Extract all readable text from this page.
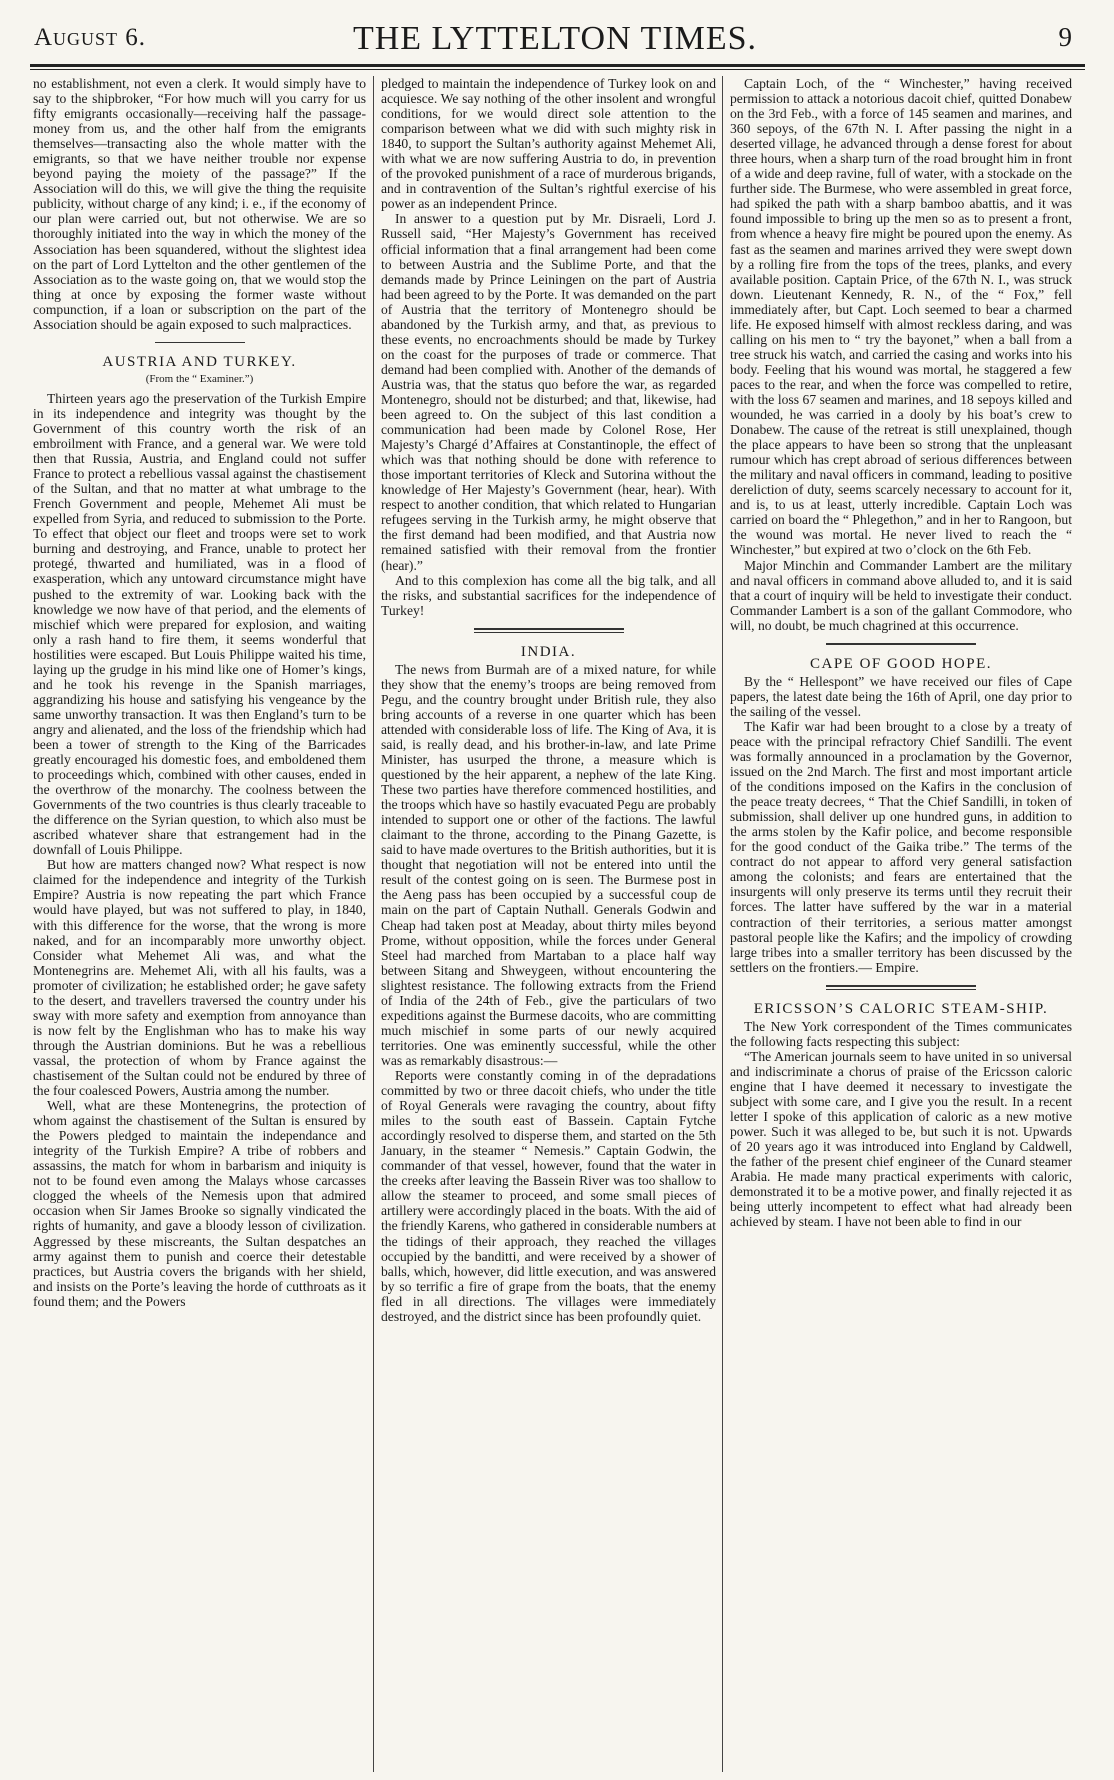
August 6.	THE LYTTELTON TIMES.	9

no establishment, not even a clerk. It would simply have to say to the shipbroker, “For how much will you carry for us fifty emigrants occasionally—receiving half the passage-money from us, and the other half from the emigrants themselves—transacting also the whole matter with the emigrants, so that we have neither trouble nor expense beyond paying the moiety of the passage?” If the Association will do this, we will give the thing the requisite publicity, without charge of any kind; i. e., if the economy of our plan were carried out, but not otherwise. We are so thoroughly initiated into the way in which the money of the Association has been squandered, without the slightest idea on the part of Lord Lyttelton and the other gentlemen of the Association as to the waste going on, that we would stop the thing at once by exposing the former waste without compunction, if a loan or subscription on the part of the Association should be again exposed to such malpractices.

AUSTRIA AND TURKEY.
(From the “ Examiner.”)

Thirteen years ago the preservation of the Turkish Empire in its independence and integrity was thought by the Government of this country worth the risk of an embroilment with France, and a general war. We were told then that Russia, Austria, and England could not suffer France to protect a rebellious vassal against the chastisement of the Sultan, and that no matter at what umbrage to the French Government and people, Mehemet Ali must be expelled from Syria, and reduced to submission to the Porte. To effect that object our fleet and troops were set to work burning and destroying, and France, unable to protect her protegé, thwarted and humiliated, was in a flood of exasperation, which any untoward circumstance might have pushed to the extremity of war. Looking back with the knowledge we now have of that period, and the elements of mischief which were prepared for explosion, and waiting only a rash hand to fire them, it seems wonderful that hostilities were escaped. But Louis Philippe waited his time, laying up the grudge in his mind like one of Homer’s kings, and he took his revenge in the Spanish marriages, aggrandizing his house and satisfying his vengeance by the same unworthy transaction. It was then England’s turn to be angry and alienated, and the loss of the friendship which had been a tower of strength to the King of the Barricades greatly encouraged his domestic foes, and emboldened them to proceedings which, combined with other causes, ended in the overthrow of the monarchy. The coolness between the Governments of the two countries is thus clearly traceable to the difference on the Syrian question, to which also must be ascribed whatever share that estrangement had in the downfall of Louis Philippe.

But how are matters changed now? What respect is now claimed for the independence and integrity of the Turkish Empire? Austria is now repeating the part which France would have played, but was not suffered to play, in 1840, with this difference for the worse, that the wrong is more naked, and for an incomparably more unworthy object. Consider what Mehemet Ali was, and what the Montenegrins are. Mehemet Ali, with all his faults, was a promoter of civilization; he established order; he gave safety to the desert, and travellers traversed the country under his sway with more safety and exemption from annoyance than is now felt by the Englishman who has to make his way through the Austrian dominions. But he was a rebellious vassal, the protection of whom by France against the chastisement of the Sultan could not be endured by three of the four coalesced Powers, Austria among the number.

Well, what are these Montenegrins, the protection of whom against the chastisement of the Sultan is ensured by the Powers pledged to maintain the independance and integrity of the Turkish Empire? A tribe of robbers and assassins, the match for whom in barbarism and iniquity is not to be found even among the Malays whose carcasses clogged the wheels of the Nemesis upon that admired occasion when Sir James Brooke so signally vindicated the rights of humanity, and gave a bloody lesson of civilization. Aggressed by these miscreants, the Sultan despatches an army against them to punish and coerce their detestable practices, but Austria covers the brigands with her shield, and insists on the Porte’s leaving the horde of cutthroats as it found them; and the Powers

pledged to maintain the independence of Turkey look on and acquiesce. We say nothing of the other insolent and wrongful conditions, for we would direct sole attention to the comparison between what we did with such mighty risk in 1840, to support the Sultan’s authority against Mehemet Ali, with what we are now suffering Austria to do, in prevention of the provoked punishment of a race of murderous brigands, and in contravention of the Sultan’s rightful exercise of his power as an independent Prince.

In answer to a question put by Mr. Disraeli, Lord J. Russell said, “Her Majesty’s Government has received official information that a final arrangement had been come to between Austria and the Sublime Porte, and that the demands made by Prince Leiningen on the part of Austria had been agreed to by the Porte. It was demanded on the part of Austria that the territory of Montenegro should be abandoned by the Turkish army, and that, as previous to these events, no encroachments should be made by Turkey on the coast for the purposes of trade or commerce. That demand had been complied with. Another of the demands of Austria was, that the status quo before the war, as regarded Montenegro, should not be disturbed; and that, likewise, had been agreed to. On the subject of this last condition a communication had been made by Colonel Rose, Her Majesty’s Chargé d’Affaires at Constantinople, the effect of which was that nothing should be done with reference to those important territories of Kleck and Sutorina without the knowledge of Her Majesty’s Government (hear, hear). With respect to another condition, that which related to Hungarian refugees serving in the Turkish army, he might observe that the first demand had been modified, and that Austria now remained satisfied with their removal from the frontier (hear).”

And to this complexion has come all the big talk, and all the risks, and substantial sacrifices for the independence of Turkey!

INDIA.

The news from Burmah are of a mixed nature, for while they show that the enemy’s troops are being removed from Pegu, and the country brought under British rule, they also bring accounts of a reverse in one quarter which has been attended with considerable loss of life. The King of Ava, it is said, is really dead, and his brother-in-law, and late Prime Minister, has usurped the throne, a measure which is questioned by the heir apparent, a nephew of the late King. These two parties have therefore commenced hostilities, and the troops which have so hastily evacuated Pegu are probably intended to support one or other of the factions. The lawful claimant to the throne, according to the Pinang Gazette, is said to have made overtures to the British authorities, but it is thought that negotiation will not be entered into until the result of the contest going on is seen. The Burmese post in the Aeng pass has been occupied by a successful coup de main on the part of Captain Nuthall. Generals Godwin and Cheap had taken post at Meaday, about thirty miles beyond Prome, without opposition, while the forces under General Steel had marched from Martaban to a place half way between Sitang and Shweygeen, without encountering the slightest resistance. The following extracts from the Friend of India of the 24th of Feb., give the particulars of two expeditions against the Burmese dacoits, who are committing much mischief in some parts of our newly acquired territories. One was eminently successful, while the other was as remarkably disastrous:—

Reports were constantly coming in of the depradations committed by two or three dacoit chiefs, who under the title of Royal Generals were ravaging the country, about fifty miles to the south east of Bassein. Captain Fytche accordingly resolved to disperse them, and started on the 5th January, in the steamer “ Nemesis.” Captain Godwin, the commander of that vessel, however, found that the water in the creeks after leaving the Bassein River was too shallow to allow the steamer to proceed, and some small pieces of artillery were accordingly placed in the boats. With the aid of the friendly Karens, who gathered in considerable numbers at the tidings of their approach, they reached the villages occupied by the banditti, and were received by a shower of balls, which, however, did little execution, and was answered by so terrific a fire of grape from the boats, that the enemy fled in all directions. The villages were immediately destroyed, and the district since has been profoundly quiet.

Captain Loch, of the “ Winchester,” having received permission to attack a notorious dacoit chief, quitted Donabew on the 3rd Feb., with a force of 145 seamen and marines, and 360 sepoys, of the 67th N. I. After passing the night in a deserted village, he advanced through a dense forest for about three hours, when a sharp turn of the road brought him in front of a wide and deep ravine, full of water, with a stockade on the further side. The Burmese, who were assembled in great force, had spiked the path with a sharp bamboo abattis, and it was found impossible to bring up the men so as to present a front, from whence a heavy fire might be poured upon the enemy. As fast as the seamen and marines arrived they were swept down by a rolling fire from the tops of the trees, planks, and every available position. Captain Price, of the 67th N. I., was struck down. Lieutenant Kennedy, R. N., of the “ Fox,” fell immediately after, but Capt. Loch seemed to bear a charmed life. He exposed himself with almost reckless daring, and was calling on his men to “ try the bayonet,” when a ball from a tree struck his watch, and carried the casing and works into his body. Feeling that his wound was mortal, he staggered a few paces to the rear, and when the force was compelled to retire, with the loss 67 seamen and marines, and 18 sepoys killed and wounded, he was carried in a dooly by his boat’s crew to Donabew. The cause of the retreat is still unexplained, though the place appears to have been so strong that the unpleasant rumour which has crept abroad of serious differences between the military and naval officers in command, leading to positive dereliction of duty, seems scarcely necessary to account for it, and is, to us at least, utterly incredible. Captain Loch was carried on board the “ Phlegethon,” and in her to Rangoon, but the wound was mortal. He never lived to reach the “ Winchester,” but expired at two o’clock on the 6th Feb.

Major Minchin and Commander Lambert are the military and naval officers in command above alluded to, and it is said that a court of inquiry will be held to investigate their conduct. Commander Lambert is a son of the gallant Commodore, who will, no doubt, be much chagrined at this occurrence.

CAPE OF GOOD HOPE.

By the “ Hellespont” we have received our files of Cape papers, the latest date being the 16th of April, one day prior to the sailing of the vessel.

The Kafir war had been brought to a close by a treaty of peace with the principal refractory Chief Sandilli. The event was formally announced in a proclamation by the Governor, issued on the 2nd March. The first and most important article of the conditions imposed on the Kafirs in the conclusion of the peace treaty decrees, “ That the Chief Sandilli, in token of submission, shall deliver up one hundred guns, in addition to the arms stolen by the Kafir police, and become responsible for the good conduct of the Gaika tribe.” The terms of the contract do not appear to afford very general satisfaction among the colonists; and fears are entertained that the insurgents will only preserve its terms until they recruit their forces. The latter have suffered by the war in a material contraction of their territories, a serious matter amongst pastoral people like the Kafirs; and the impolicy of crowding large tribes into a smaller territory has been discussed by the settlers on the frontiers.— Empire.

ERICSSON’S CALORIC STEAM-SHIP.

The New York correspondent of the Times communicates the following facts respecting this subject:

“The American journals seem to have united in so universal and indiscriminate a chorus of praise of the Ericsson caloric engine that I have deemed it necessary to investigate the subject with some care, and I give you the result. In a recent letter I spoke of this application of caloric as a new motive power. Such it was alleged to be, but such it is not. Upwards of 20 years ago it was introduced into England by Caldwell, the father of the present chief engineer of the Cunard steamer Arabia. He made many practical experiments with caloric, demonstrated it to be a motive power, and finally rejected it as being utterly incompetent to effect what had already been achieved by steam. I have not been able to find in our
